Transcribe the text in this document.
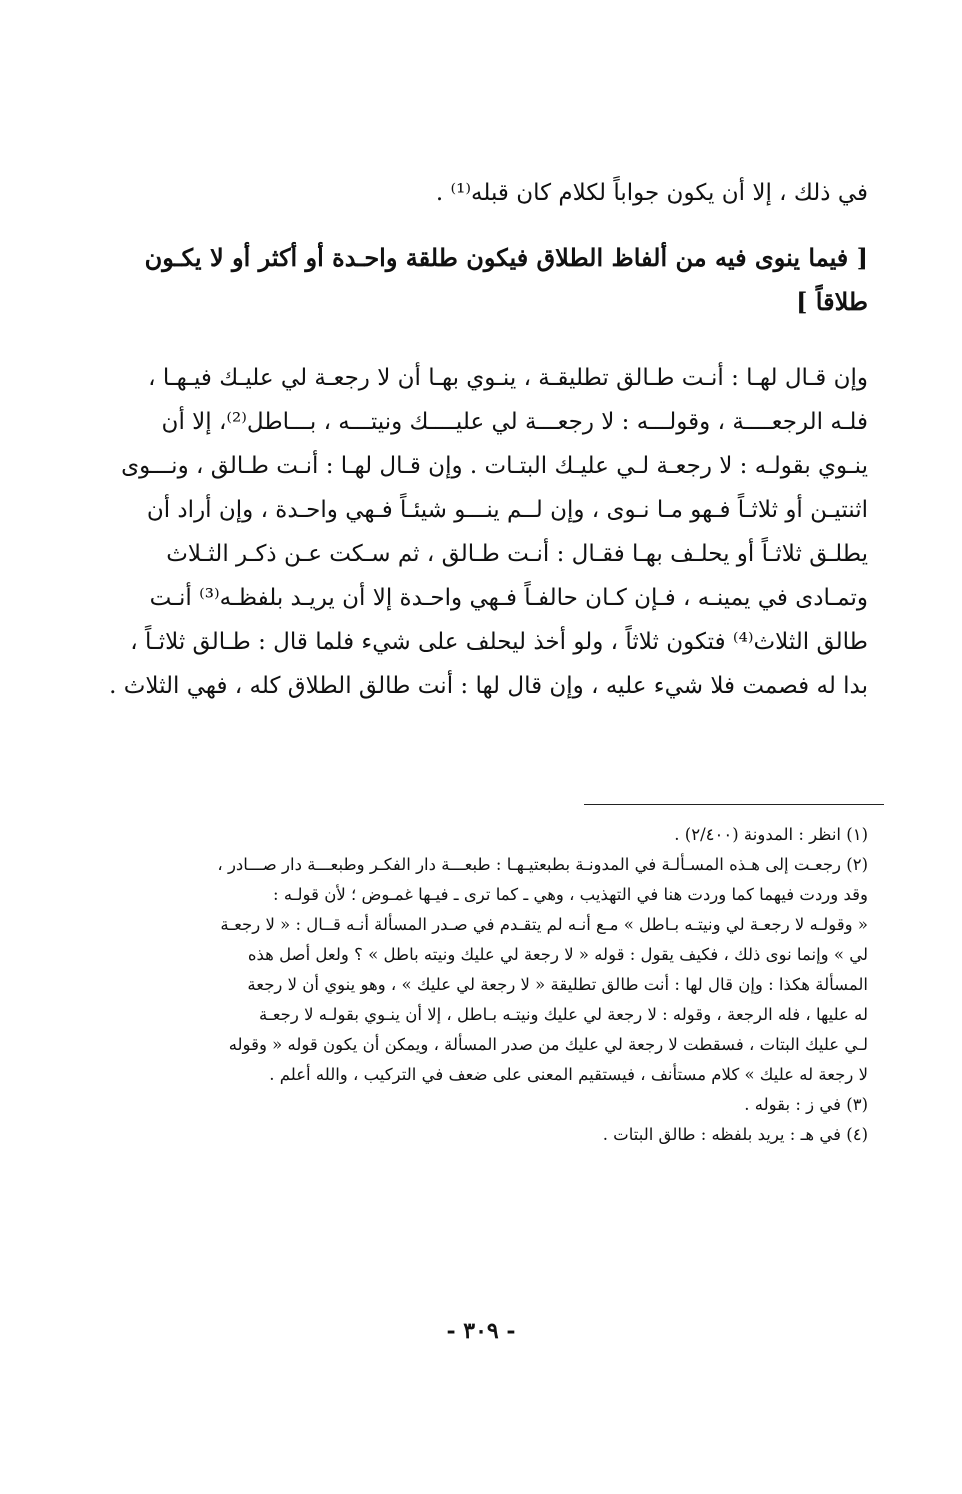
في ذلك ، إلا أن يكون جواباً لكلام كان قبله⁽¹⁾ .
[ فيما ينوى فيه من ألفاظ الطلاق فيكون طلقة واحـدة أو أكثر أو لا يكـون
طلاقاً ]
وإن قـال لهـا : أنـت طـالق تطليقـة ، ينـوي بهـا أن لا رجعـة لي عليـك فيـهـا ،
فلـه الرجعــــة ، وقولـــه : لا رجعـــة لي عليــــك ونيتـــه ، بـــاطل⁽²⁾، إلا أن
ينـوي بقولـه : لا رجعـة لـي عليـك البتـات . وإن قـال لهـا : أنـت طـالق ، ونـــوى
اثنتيـن أو ثلاثـاً فـهو مـا نـوى ، وإن لــم ينـــو شيئـاً فـهي واحـدة ، وإن أراد أن
يطلـق ثلاثـاً أو يحلـف بهـا فقـال : أنـت طـالق ، ثم سـكت عـن ذكـر الثـلاث
وتمـادى في يمينـه ، فـإن كـان حالفـاً فـهي واحـدة إلا أن يريـد بلفظـه⁽³⁾ أنـت
طالق الثلاث⁽⁴⁾ فتكون ثلاثاً ، ولو أخذ ليحلف على شيء فلما قال : طـالق ثلاثـاً ،
بدا له فصمت فلا شيء عليه ، وإن قال لها : أنت طالق الطلاق كله ، فهي الثلاث .
(١) انظر : المدونة (٢/٤٠٠) .
(٢) رجعـت إلى هـذه المسـألـة في المدونـة بطبعتيـهـا : طبعـــة دار الفكـر وطبعـــة دار صـــادر ،
وقد وردت فيهما كما وردت هنا في التهذيب ، وهي ـ كما ترى ـ فيـها غمـوض ؛ لأن قولـه :
« وقولـه لا رجعـة لي ونيتـه بـاطل » مـع أنـه لم يتقـدم في صـدر المسألة أنـه قــال : « لا رجعـة
لي » وإنما نوى ذلك ، فكيف يقول : قوله « لا رجعة لي عليك ونيته باطل » ؟ ولعل أصل هذه
المسألة هكذا : وإن قال لها : أنت طالق تطليقة « لا رجعة لي عليك » ، وهو ينوي أن لا رجعة
له عليها ، فله الرجعة ، وقوله : لا رجعة لي عليك ونيتـه بـاطل ، إلا أن ينـوي بقولـه لا رجعـة
لـي عليك البتات ، فسقطت لا رجعة لي عليك من صدر المسألة ، ويمكن أن يكون قوله « وقوله
لا رجعة له عليك » كلام مستأنف ، فيستقيم المعنى على ضعف في التركيب ، والله أعلم .
(٣) في ز : بقوله .
(٤) في هـ : يريد بلفظه : طالق البتات .
- ٣٠٩ -
